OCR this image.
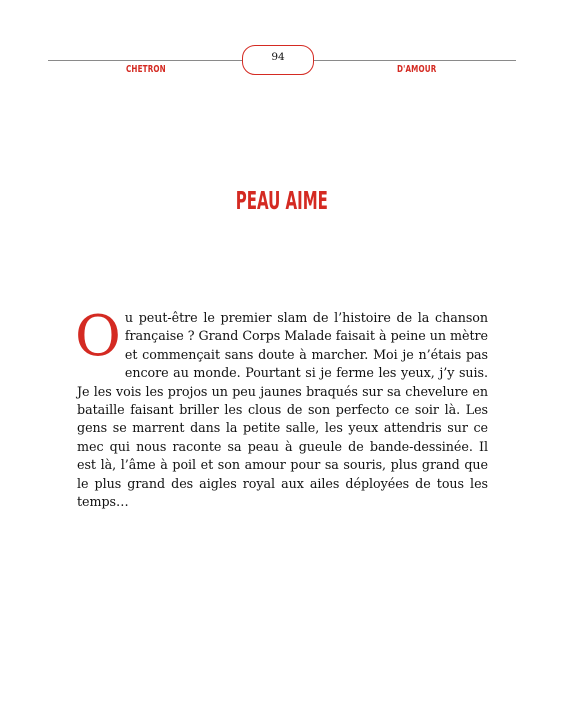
94
CHETRON	D'AMOUR
PEAU AIME
Ou peut-être le premier slam de l’histoire de la chanson française ? Grand Corps Malade faisait à peine un mètre et commençait sans doute à marcher. Moi je n’étais pas encore au monde. Pourtant si je ferme les yeux, j’y suis. Je les vois les projos un peu jaunes braqués sur sa chevelure en bataille faisant briller les clous de son perfecto ce soir là. Les gens se marrent dans la petite salle, les yeux attendris sur ce mec qui nous raconte sa peau à gueule de bande-dessinée. Il est là, l’âme à poil et son amour pour sa souris, plus grand que le plus grand des aigles royal aux ailes déployées de tous les temps…
